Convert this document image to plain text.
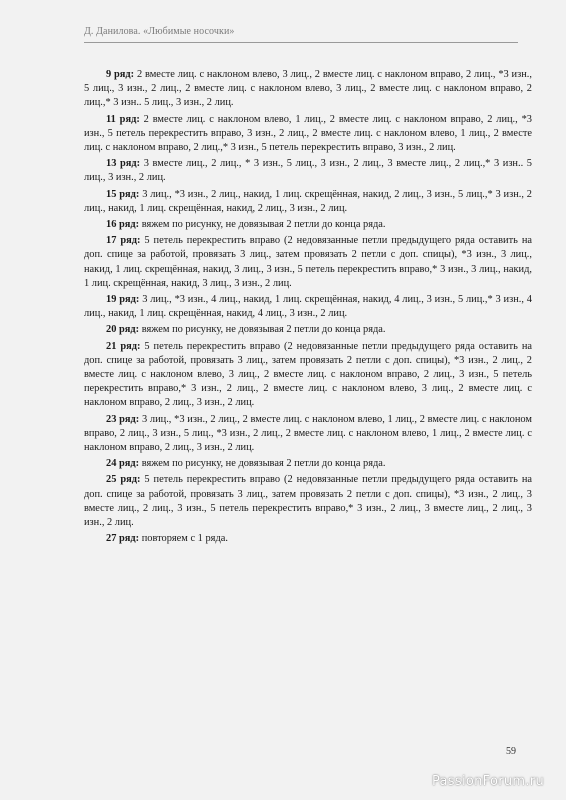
Д. Данилова. «Любимые носочки»

9 ряд: 2 вместе лиц. с наклоном влево, 3 лиц., 2 вместе лиц. с наклоном вправо, 2 лиц., *3 изн., 5 лиц., 3 изн., 2 лиц., 2 вместе лиц. с наклоном влево, 3 лиц., 2 вместе лиц. с наклоном вправо, 2 лиц.,* 3 изн.. 5 лиц., 3 изн., 2 лиц.

11 ряд: 2 вместе лиц. с наклоном влево, 1 лиц., 2 вместе лиц. с наклоном вправо, 2 лиц., *3 изн., 5 петель перекрестить вправо, 3 изн., 2 лиц., 2 вместе лиц. с наклоном влево, 1 лиц., 2 вместе лиц. с наклоном вправо, 2 лиц.,* 3 изн., 5 петель перекрестить вправо, 3 изн., 2 лиц.

13 ряд: 3 вместе лиц., 2 лиц., * 3 изн., 5 лиц., 3 изн., 2 лиц., 3 вместе лиц., 2 лиц.,* 3 изн.. 5 лиц., 3 изн., 2 лиц.

15 ряд: 3 лиц., *3 изн., 2 лиц., накид, 1 лиц. скрещённая, накид, 2 лиц., 3 изн., 5 лиц.,* 3 изн., 2 лиц., накид, 1 лиц. скрещённая, накид, 2 лиц., 3 изн., 2 лиц.

16 ряд: вяжем по рисунку, не довязывая 2 петли до конца ряда.

17 ряд: 5 петель перекрестить вправо (2 недовязанные петли предыдущего ряда оставить на доп. спице за работой, провязать 3 лиц., затем провязать 2 петли с доп. спицы), *3 изн., 3 лиц., накид, 1 лиц. скрещённая, накид, 3 лиц., 3 изн., 5 петель перекрестить вправо,* 3 изн., 3 лиц., накид, 1 лиц. скрещённая, накид, 3 лиц., 3 изн., 2 лиц.

19 ряд: 3 лиц., *3 изн., 4 лиц., накид, 1 лиц. скрещённая, накид, 4 лиц., 3 изн., 5 лиц.,* 3 изн., 4 лиц., накид, 1 лиц. скрещённая, накид, 4 лиц., 3 изн., 2 лиц.

20 ряд: вяжем по рисунку, не довязывая 2 петли до конца ряда.

21 ряд: 5 петель перекрестить вправо (2 недовязанные петли предыдущего ряда оставить на доп. спице за работой, провязать 3 лиц., затем провязать 2 петли с доп. спицы), *3 изн., 2 лиц., 2 вместе лиц. с наклоном влево, 3 лиц., 2 вместе лиц. с наклоном вправо, 2 лиц., 3 изн., 5 петель перекрестить вправо,* 3 изн., 2 лиц., 2 вместе лиц. с наклоном влево, 3 лиц., 2 вместе лиц. с наклоном вправо, 2 лиц., 3 изн., 2 лиц.

23 ряд: 3 лиц., *3 изн., 2 лиц., 2 вместе лиц. с наклоном влево, 1 лиц., 2 вместе лиц. с наклоном вправо, 2 лиц., 3 изн., 5 лиц., *3 изн., 2 лиц., 2 вместе лиц. с наклоном влево, 1 лиц., 2 вместе лиц. с наклоном вправо, 2 лиц., 3 изн., 2 лиц.

24 ряд: вяжем по рисунку, не довязывая 2 петли до конца ряда.

25 ряд: 5 петель перекрестить вправо (2 недовязанные петли предыдущего ряда оставить на доп. спице за работой, провязать 3 лиц., затем провязать 2 петли с доп. спицы), *3 изн., 2 лиц., 3 вместе лиц., 2 лиц., 3 изн., 5 петель перекрестить вправо,* 3 изн., 2 лиц., 3 вместе лиц., 2 лиц., 3 изн., 2 лиц.

27 ряд: повторяем с 1 ряда.

59
PassionForum.ru
